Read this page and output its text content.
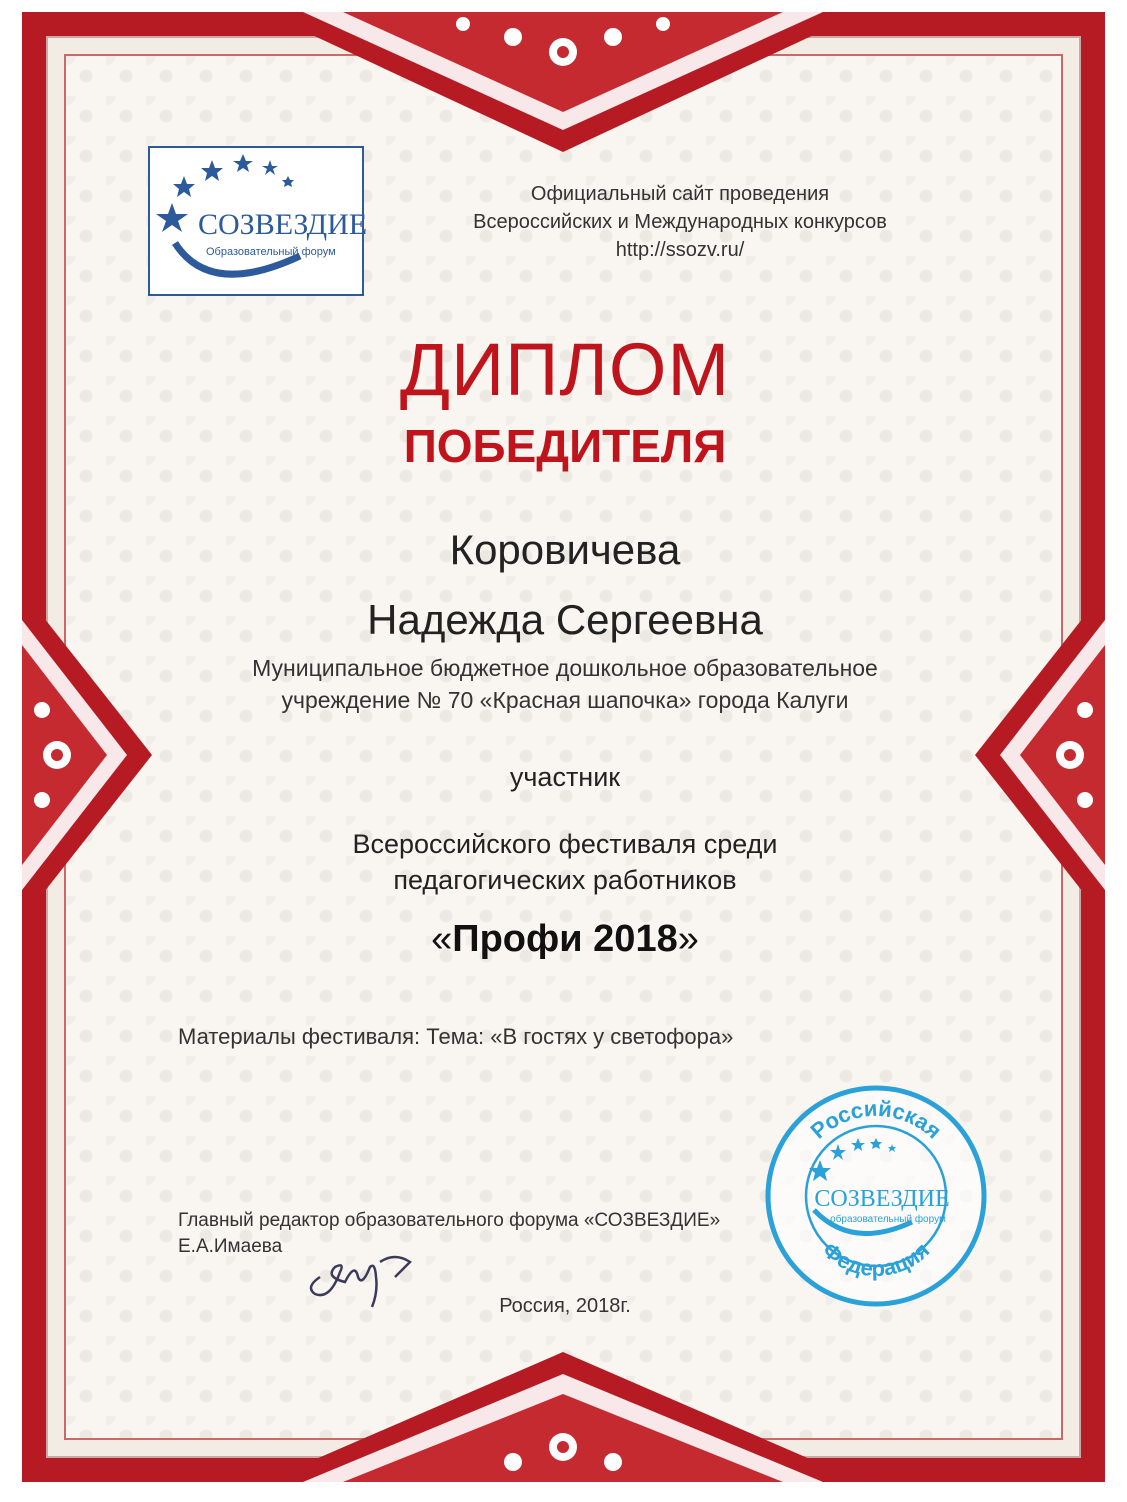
СОЗВЕЗДИЕ
Образовательный форум
Официальный сайт проведения
Всероссийских и Международных конкурсов
http://ssozv.ru/
ДИПЛОМ
ПОБЕДИТЕЛЯ
Коровичева
Надежда Сергеевна
Муниципальное бюджетное дошкольное образовательное
учреждение № 70 «Красная шапочка» города Калуги
участник
Всероссийского фестиваля среди
педагогических работников
«Профи 2018»
Материалы фестиваля: Тема: «В гостях у светофора»
Главный редактор образовательного форума «СОЗВЕЗДИЕ»
Е.А.Имаева
Российская
Федерация
СОЗВЕЗДИЕ
образовательный форум
Россия, 2018г.
